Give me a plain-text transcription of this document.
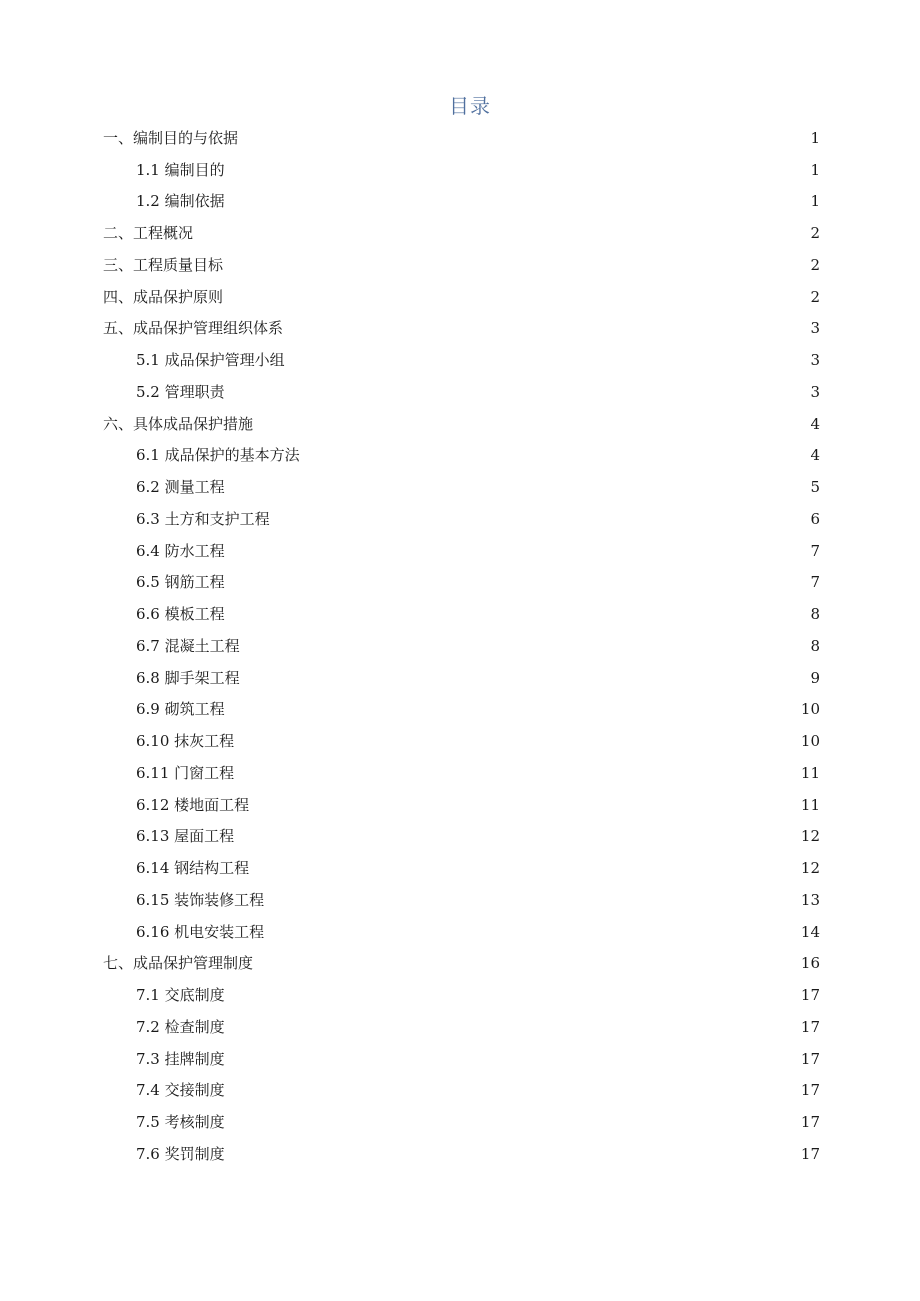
目录
一、编制目的与依据	1
1.1 编制目的	1
1.2 编制依据	1
二、工程概况	2
三、工程质量目标	2
四、成品保护原则	2
五、成品保护管理组织体系	3
5.1 成品保护管理小组	3
5.2 管理职责	3
六、具体成品保护措施	4
6.1 成品保护的基本方法	4
6.2 测量工程	5
6.3 土方和支护工程	6
6.4 防水工程	7
6.5 钢筋工程	7
6.6 模板工程	8
6.7 混凝土工程	8
6.8 脚手架工程	9
6.9 砌筑工程	10
6.10 抹灰工程	10
6.11 门窗工程	11
6.12 楼地面工程	11
6.13 屋面工程	12
6.14 钢结构工程	12
6.15 装饰装修工程	13
6.16 机电安装工程	14
七、成品保护管理制度	16
7.1 交底制度	17
7.2 检查制度	17
7.3 挂牌制度	17
7.4 交接制度	17
7.5 考核制度	17
7.6 奖罚制度	17
